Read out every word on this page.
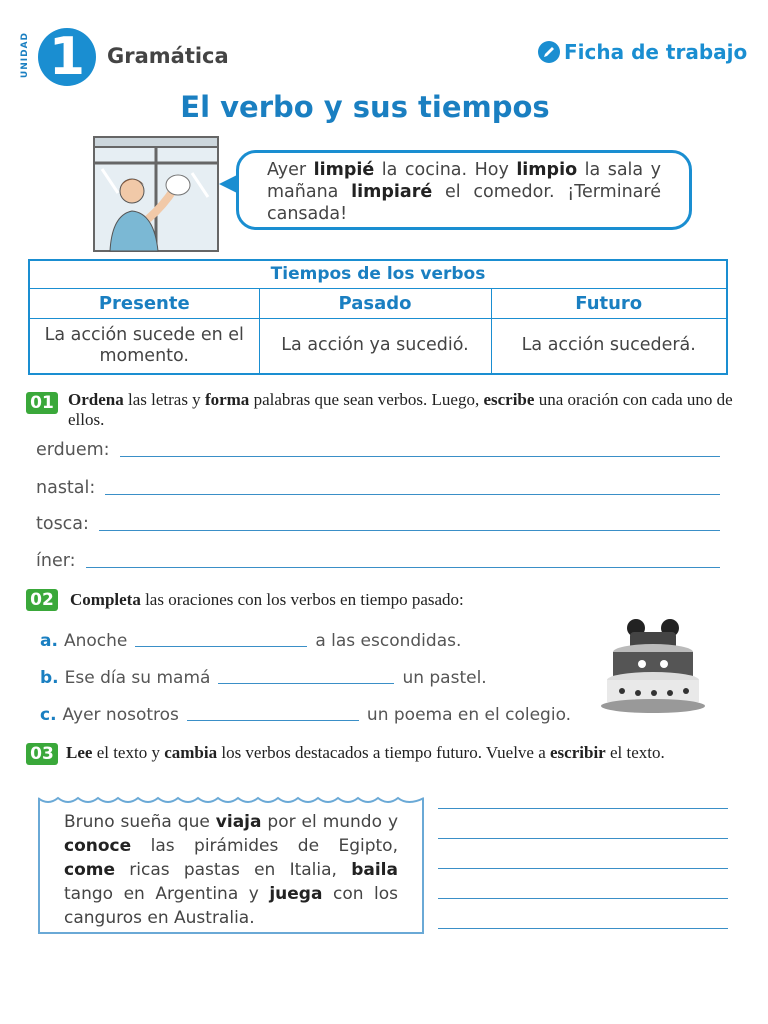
UNIDAD 1	Gramática	Ficha de trabajo
El verbo y sus tiempos
Ayer limpié la cocina. Hoy limpio la sala y mañana limpiaré el comedor. ¡Terminaré cansada!
Tiempos de los verbos		
Presente	Pasado	Futuro
La acción sucede en el momento.	La acción ya sucedió.	La acción sucederá.
01 Ordena las letras y forma palabras que sean verbos. Luego, escribe una oración con cada uno de ellos.
erduem:
nastal:
tosca:
íner:
02 Completa las oraciones con los verbos en tiempo pasado:
a. Anoche	a las escondidas.
b. Ese día su mamá	un pastel.
c. Ayer nosotros	un poema en el colegio.
03 Lee el texto y cambia los verbos destacados a tiempo futuro. Vuelve a escribir el texto.
Bruno sueña que viaja por el mundo y conoce las pirámides de Egipto, come ricas pastas en Italia, baila tango en Argentina y juega con los canguros en Australia.
